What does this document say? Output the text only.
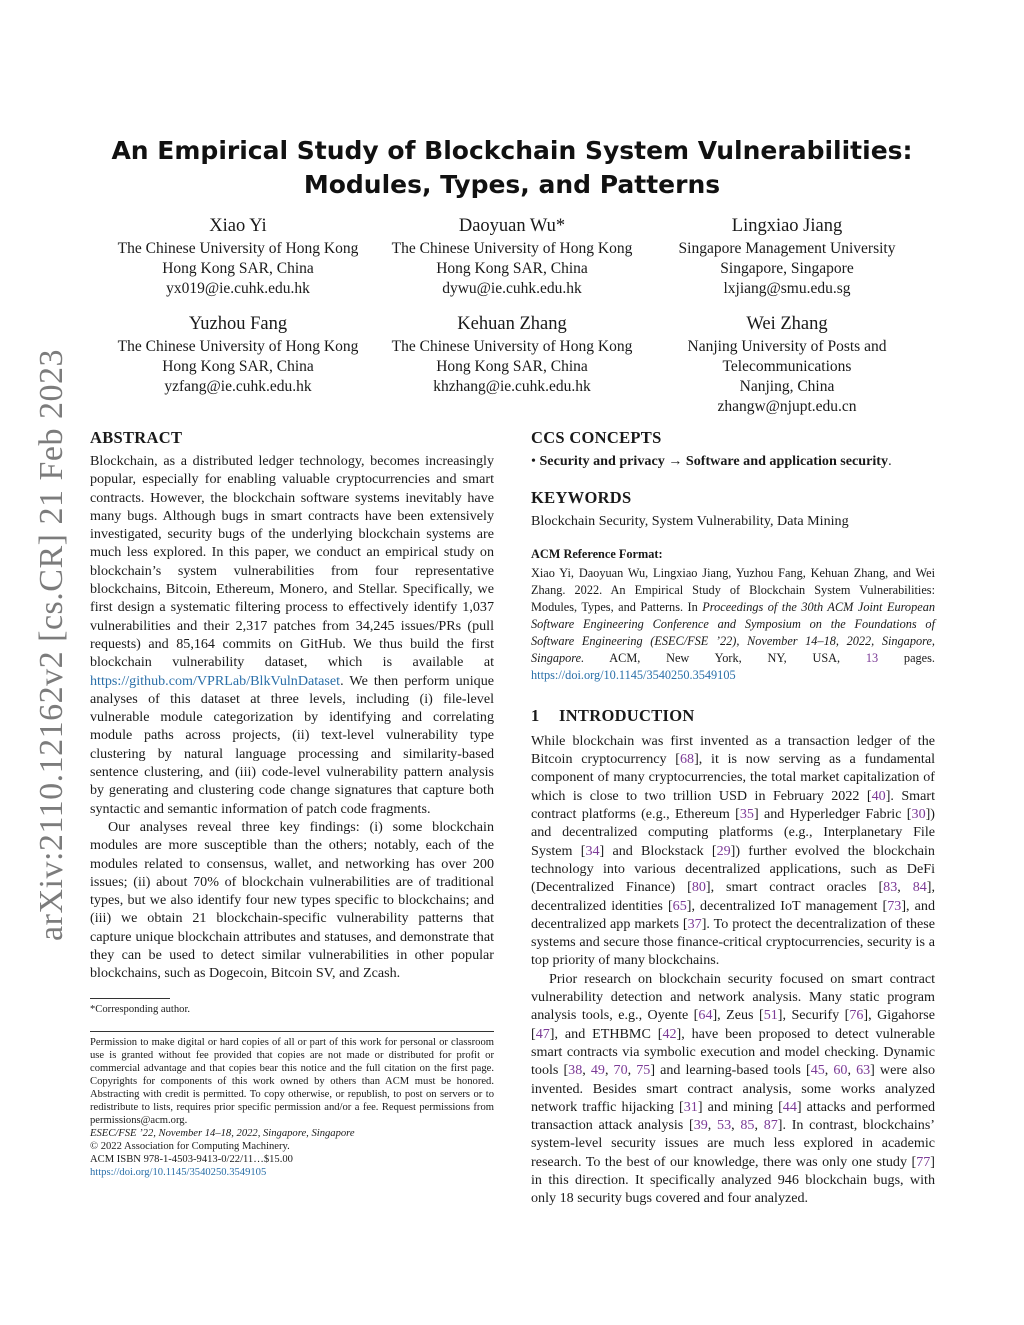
arXiv:2110.12162v2 [cs.CR] 21 Feb 2023
An Empirical Study of Blockchain System Vulnerabilities:
Modules, Types, and Patterns
Xiao Yi
The Chinese University of Hong Kong
Hong Kong SAR, China
yx019@ie.cuhk.edu.hk
Daoyuan Wu*
The Chinese University of Hong Kong
Hong Kong SAR, China
dywu@ie.cuhk.edu.hk
Lingxiao Jiang
Singapore Management University
Singapore, Singapore
lxjiang@smu.edu.sg
Yuzhou Fang
The Chinese University of Hong Kong
Hong Kong SAR, China
yzfang@ie.cuhk.edu.hk
Kehuan Zhang
The Chinese University of Hong Kong
Hong Kong SAR, China
khzhang@ie.cuhk.edu.hk
Wei Zhang
Nanjing University of Posts and
Telecommunications
Nanjing, China
zhangw@njupt.edu.cn
ABSTRACT

Blockchain, as a distributed ledger technology, becomes increasingly popular, especially for enabling valuable cryptocurrencies and smart contracts. However, the blockchain software systems inevitably have many bugs. Although bugs in smart contracts have been extensively investigated, security bugs of the underlying blockchain systems are much less explored. In this paper, we conduct an empirical study on blockchain’s system vulnerabilities from four representative blockchains, Bitcoin, Ethereum, Monero, and Stellar. Specifically, we first design a systematic filtering process to effectively identify 1,037 vulnerabilities and their 2,317 patches from 34,245 issues/PRs (pull requests) and 85,164 commits on GitHub. We thus build the first blockchain vulnerability dataset, which is available at https://github.com/VPRLab/BlkVulnDataset. We then perform unique analyses of this dataset at three levels, including (i) file-level vulnerable module categorization by identifying and correlating module paths across projects, (ii) text-level vulnerability type clustering by natural language processing and similarity-based sentence clustering, and (iii) code-level vulnerability pattern analysis by generating and clustering code change signatures that capture both syntactic and semantic information of patch code fragments.

Our analyses reveal three key findings: (i) some blockchain modules are more susceptible than the others; notably, each of the modules related to consensus, wallet, and networking has over 200 issues; (ii) about 70% of blockchain vulnerabilities are of traditional types, but we also identify four new types specific to blockchains; and (iii) we obtain 21 blockchain-specific vulnerability patterns that capture unique blockchain attributes and statuses, and demonstrate that they can be used to detect similar vulnerabilities in other popular blockchains, such as Dogecoin, Bitcoin SV, and Zcash.

*Corresponding author.
Permission to make digital or hard copies of all or part of this work for personal or classroom use is granted without fee provided that copies are not made or distributed for profit or commercial advantage and that copies bear this notice and the full citation on the first page. Copyrights for components of this work owned by others than ACM must be honored. Abstracting with credit is permitted. To copy otherwise, or republish, to post on servers or to redistribute to lists, requires prior specific permission and/or a fee. Request permissions from permissions@acm.org.
ESEC/FSE ’22, November 14–18, 2022, Singapore, Singapore
© 2022 Association for Computing Machinery.
ACM ISBN 978-1-4503-9413-0/22/11…$15.00
https://doi.org/10.1145/3540250.3549105
CCS CONCEPTS

• Security and privacy → Software and application security.

KEYWORDS

Blockchain Security, System Vulnerability, Data Mining

ACM Reference Format:

Xiao Yi, Daoyuan Wu, Lingxiao Jiang, Yuzhou Fang, Kehuan Zhang, and Wei Zhang. 2022. An Empirical Study of Blockchain System Vulnerabilities: Modules, Types, and Patterns. In Proceedings of the 30th ACM Joint European Software Engineering Conference and Symposium on the Foundations of Software Engineering (ESEC/FSE ’22), November 14–18, 2022, Singapore, Singapore. ACM, New York, NY, USA, 13 pages. https://doi.org/10.1145/3540250.3549105

1 INTRODUCTION

While blockchain was first invented as a transaction ledger of the Bitcoin cryptocurrency [68], it is now serving as a fundamental component of many cryptocurrencies, the total market capitalization of which is close to two trillion USD in February 2022 [40]. Smart contract platforms (e.g., Ethereum [35] and Hyperledger Fabric [30]) and decentralized computing platforms (e.g., Interplanetary File System [34] and Blockstack [29]) further evolved the blockchain technology into various decentralized applications, such as DeFi (Decentralized Finance) [80], smart contract oracles [83, 84], decentralized identities [65], decentralized IoT management [73], and decentralized app markets [37]. To protect the decentralization of these systems and secure those finance-critical cryptocurrencies, security is a top priority of many blockchains.

Prior research on blockchain security focused on smart contract vulnerability detection and network analysis. Many static program analysis tools, e.g., Oyente [64], Zeus [51], Securify [76], Gigahorse [47], and ETHBMC [42], have been proposed to detect vulnerable smart contracts via symbolic execution and model checking. Dynamic tools [38, 49, 70, 75] and learning-based tools [45, 60, 63] were also invented. Besides smart contract analysis, some works analyzed network traffic hijacking [31] and mining [44] attacks and performed transaction attack analysis [39, 53, 85, 87]. In contrast, blockchains’ system-level security issues are much less explored in academic research. To the best of our knowledge, there was only one study [77] in this direction. It specifically analyzed 946 blockchain bugs, with only 18 security bugs covered and four analyzed.
